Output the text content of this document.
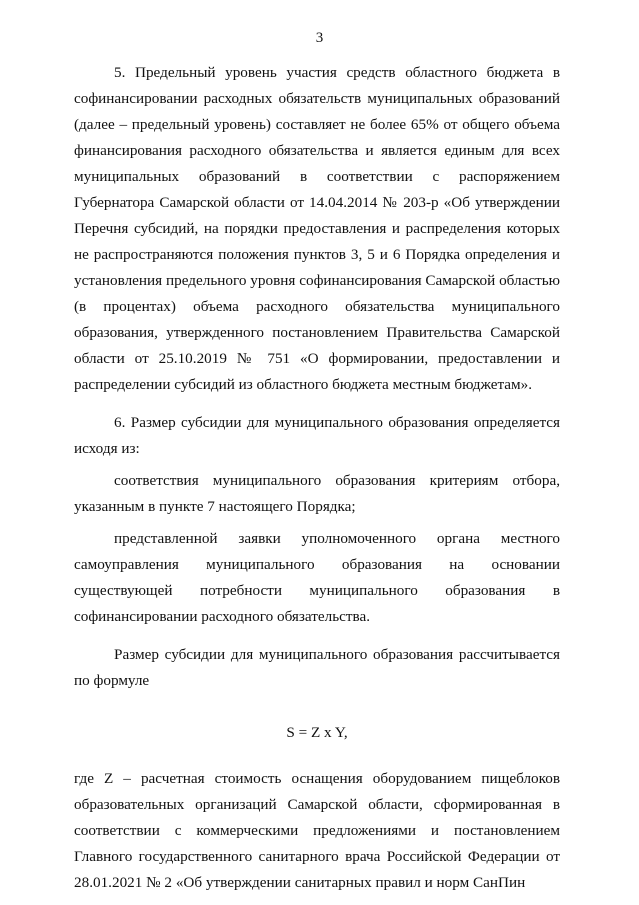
3

5. Предельный уровень участия средств областного бюджета в софинансировании расходных обязательств муниципальных образований (далее – предельный уровень) составляет не более 65% от общего объема финансирования расходного обязательства и является единым для всех муниципальных образований в соответствии с распоряжением Губернатора Самарской области от 14.04.2014 № 203-р «Об утверждении Перечня субсидий, на порядки предоставления и распределения которых не распространяются положения пунктов 3, 5 и 6 Порядка определения и установления предельного уровня софинансирования Самарской областью (в процентах) объема расходного обязательства муниципального образования, утвержденного постановлением Правительства Самарской области от 25.10.2019 № 751 «О формировании, предоставлении и распределении субсидий из областного бюджета местным бюджетам».

6. Размер субсидии для муниципального образования определяется исходя из:

соответствия муниципального образования критериям отбора, указанным в пункте 7 настоящего Порядка;

представленной заявки уполномоченного органа местного самоуправления муниципального образования на основании существующей потребности муниципального образования в софинансировании расходного обязательства.

Размер субсидии для муниципального образования рассчитывается по формуле

S = Z x Y,

где Z – расчетная стоимость оснащения оборудованием пищеблоков образовательных организаций Самарской области, сформированная в соответствии с коммерческими предложениями и постановлением Главного государственного санитарного врача Российской Федерации от 28.01.2021 № 2 «Об утверждении санитарных правил и норм СанПин
